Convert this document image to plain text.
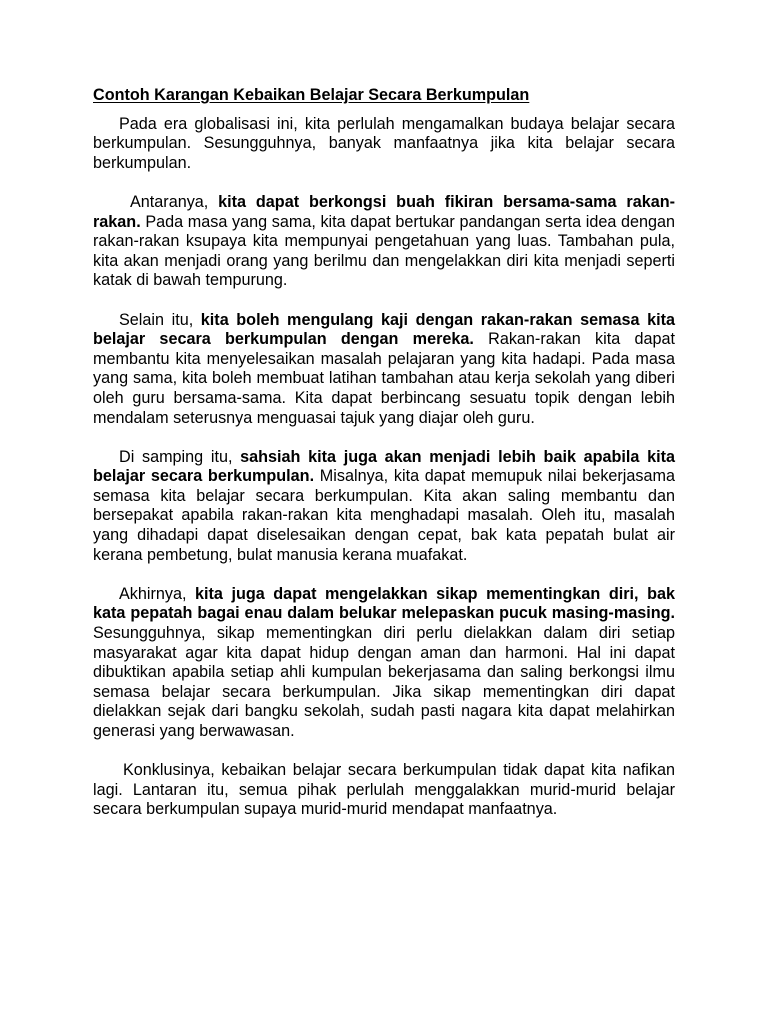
Contoh Karangan Kebaikan Belajar Secara Berkumpulan

Pada era globalisasi ini, kita perlulah mengamalkan budaya belajar secara berkumpulan. Sesungguhnya, banyak manfaatnya jika kita belajar secara berkumpulan.

Antaranya, kita dapat berkongsi buah fikiran bersama-sama rakan-rakan. Pada masa yang sama, kita dapat bertukar pandangan serta idea dengan rakan-rakan ksupaya kita mempunyai pengetahuan yang luas. Tambahan pula, kita akan menjadi orang yang berilmu dan mengelakkan diri kita menjadi seperti katak di bawah tempurung.

Selain itu, kita boleh mengulang kaji dengan rakan-rakan semasa kita belajar secara berkumpulan dengan mereka. Rakan-rakan kita dapat membantu kita menyelesaikan masalah pelajaran yang kita hadapi. Pada masa yang sama, kita boleh membuat latihan tambahan atau kerja sekolah yang diberi oleh guru bersama-sama. Kita dapat berbincang sesuatu topik dengan lebih mendalam seterusnya menguasai tajuk yang diajar oleh guru.

Di samping itu, sahsiah kita juga akan menjadi lebih baik apabila kita belajar secara berkumpulan. Misalnya, kita dapat memupuk nilai bekerjasama semasa kita belajar secara berkumpulan. Kita akan saling membantu dan bersepakat apabila rakan-rakan kita menghadapi masalah. Oleh itu, masalah yang dihadapi dapat diselesaikan dengan cepat, bak kata pepatah bulat air kerana pembetung, bulat manusia kerana muafakat.

Akhirnya, kita juga dapat mengelakkan sikap mementingkan diri, bak kata pepatah bagai enau dalam belukar melepaskan pucuk masing-masing. Sesungguhnya, sikap mementingkan diri perlu dielakkan dalam diri setiap masyarakat agar kita dapat hidup dengan aman dan harmoni. Hal ini dapat dibuktikan apabila setiap ahli kumpulan bekerjasama dan saling berkongsi ilmu semasa belajar secara berkumpulan. Jika sikap mementingkan diri dapat dielakkan sejak dari bangku sekolah, sudah pasti nagara kita dapat melahirkan generasi yang berwawasan.

Konklusinya, kebaikan belajar secara berkumpulan tidak dapat kita nafikan lagi. Lantaran itu, semua pihak perlulah menggalakkan murid-murid belajar secara berkumpulan supaya murid-murid mendapat manfaatnya.
